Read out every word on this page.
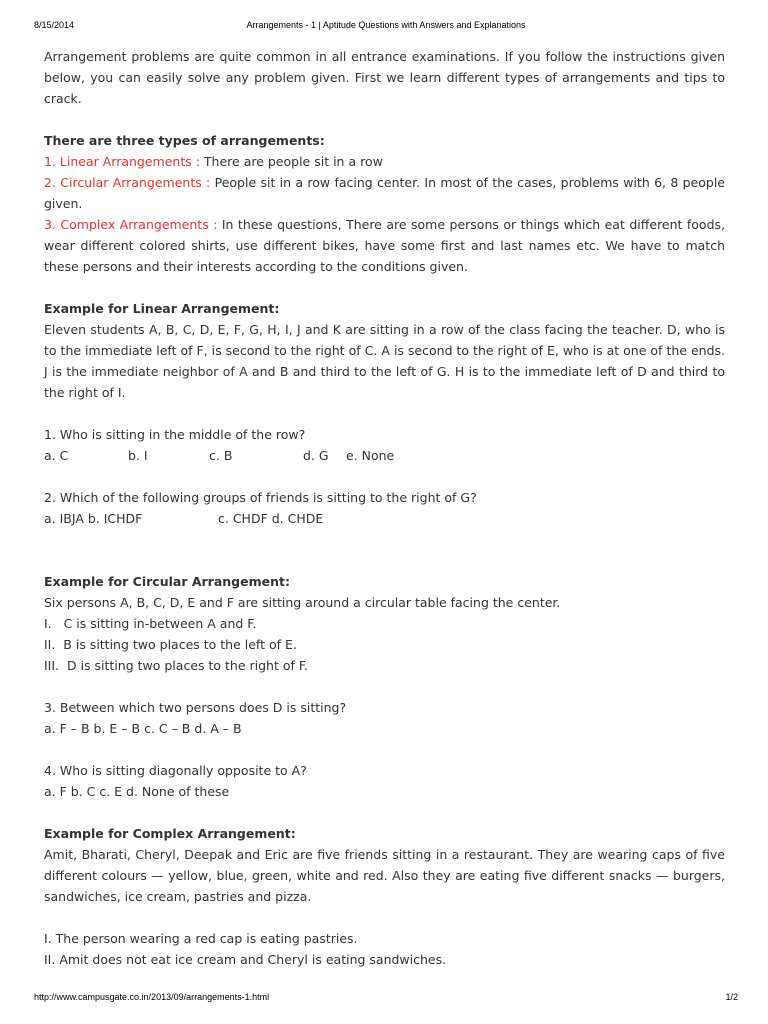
8/15/2014	Arrangements - 1 | Aptitude Questions with Answers and Explanations

Arrangement problems are quite common in all entrance examinations. If you follow the instructions given below, you can easily solve any problem given. First we learn different types of arrangements and tips to crack.

There are three types of arrangements:

1. Linear Arrangements : There are people sit in a row

2. Circular Arrangements : People sit in a row facing center. In most of the cases, problems with 6, 8 people given.

3. Complex Arrangements : In these questions, There are some persons or things which eat different foods, wear different colored shirts, use different bikes, have some first and last names etc. We have to match these persons and their interests according to the conditions given.

Example for Linear Arrangement:

Eleven students A, B, C, D, E, F, G, H, I, J and K are sitting in a row of the class facing the teacher. D, who is to the immediate left of F, is second to the right of C. A is second to the right of E, who is at one of the ends. J is the immediate neighbor of A and B and third to the left of G. H is to the immediate left of D and third to the right of I.

1. Who is sitting in the middle of the row?

a. C	b. I	c. B	d. G e. None

2. Which of the following groups of friends is sitting to the right of G?

a. IBJA b. ICHDF	c. CHDF d. CHDE

Example for Circular Arrangement:

Six persons A, B, C, D, E and F are sitting around a circular table facing the center.

I.   C is sitting in-between A and F.

II.  B is sitting two places to the left of E.

III.  D is sitting two places to the right of F.

3. Between which two persons does D is sitting?

a. F – B b. E – B c. C – B d. A – B

4. Who is sitting diagonally opposite to A?

a. F b. C c. E d. None of these

Example for Complex Arrangement:

Amit, Bharati, Cheryl, Deepak and Eric are five friends sitting in a restaurant. They are wearing caps of five different colours — yellow, blue, green, white and red. Also they are eating five different snacks — burgers, sandwiches, ice cream, pastries and pizza.

I. The person wearing a red cap is eating pastries.

II. Amit does not eat ice cream and Cheryl is eating sandwiches.

http://www.campusgate.co.in/2013/09/arrangements-1.html	1/2
